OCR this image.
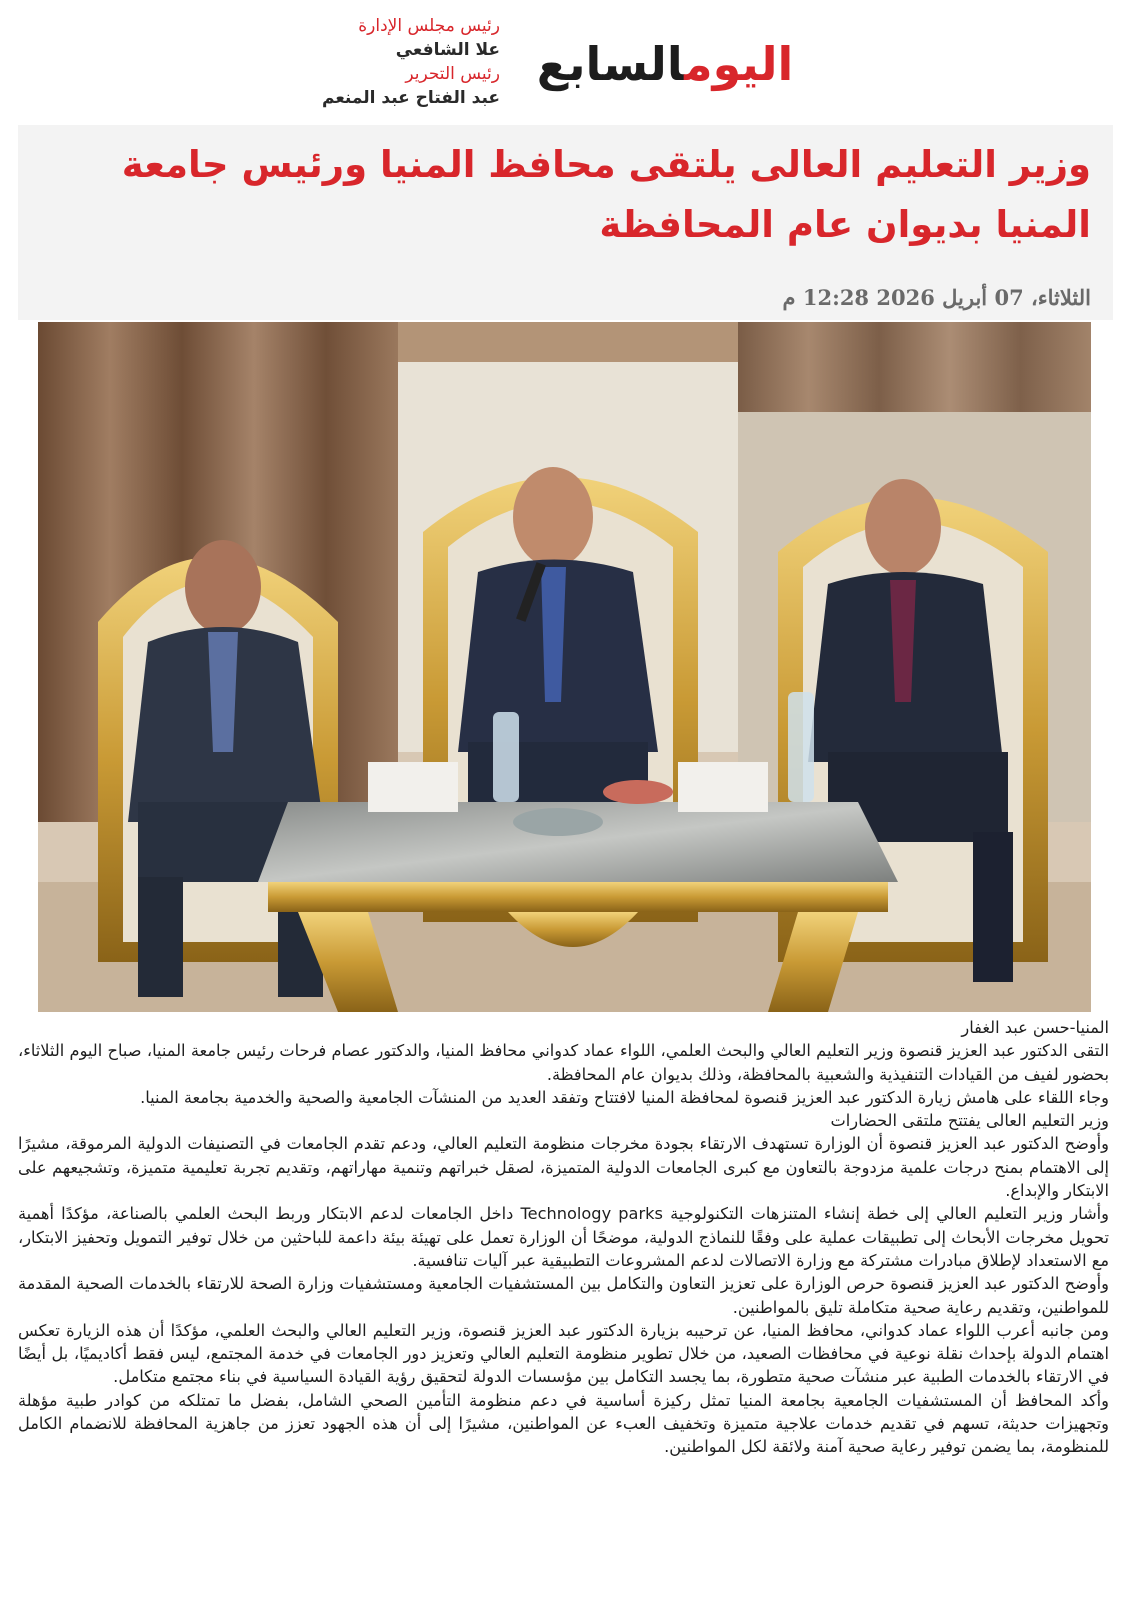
اليومالسابع
رئيس مجلس الإدارة
علا الشافعي
رئيس التحرير
عبد الفتاح عبد المنعم
وزير التعليم العالى يلتقى محافظ المنيا ورئيس جامعة المنيا بديوان عام المحافظة
الثلاثاء، 07 أبريل 2026 12:28 م

المنيا-حسن عبد الغفار

التقى الدكتور عبد العزيز قنصوة وزير التعليم العالي والبحث العلمي، اللواء عماد كدواني محافظ المنيا، والدكتور عصام فرحات رئيس جامعة المنيا، صباح اليوم الثلاثاء، بحضور لفيف من القيادات التنفيذية والشعبية بالمحافظة، وذلك بديوان عام المحافظة.

وجاء اللقاء على هامش زيارة الدكتور عبد العزيز قنصوة لمحافظة المنيا لافتتاح وتفقد العديد من المنشآت الجامعية والصحية والخدمية بجامعة المنيا.

وزير التعليم العالى يفتتح ملتقى الحضارات

وأوضح الدكتور عبد العزيز قنصوة أن الوزارة تستهدف الارتقاء بجودة مخرجات منظومة التعليم العالي، ودعم تقدم الجامعات في التصنيفات الدولية المرموقة، مشيرًا إلى الاهتمام بمنح درجات علمية مزدوجة بالتعاون مع كبرى الجامعات الدولية المتميزة، لصقل خبراتهم وتنمية مهاراتهم، وتقديم تجربة تعليمية متميزة، وتشجيعهم على الابتكار والإبداع.

وأشار وزير التعليم العالي إلى خطة إنشاء المتنزهات التكنولوجية Technology parks داخل الجامعات لدعم الابتكار وربط البحث العلمي بالصناعة، مؤكدًا أهمية تحويل مخرجات الأبحاث إلى تطبيقات عملية على وفقًا للنماذج الدولية، موضحًا أن الوزارة تعمل على تهيئة بيئة داعمة للباحثين من خلال توفير التمويل وتحفيز الابتكار، مع الاستعداد لإطلاق مبادرات مشتركة مع وزارة الاتصالات لدعم المشروعات التطبيقية عبر آليات تنافسية.

وأوضح الدكتور عبد العزيز قنصوة حرص الوزارة على تعزيز التعاون والتكامل بين المستشفيات الجامعية ومستشفيات وزارة الصحة للارتقاء بالخدمات الصحية المقدمة للمواطنين، وتقديم رعاية صحية متكاملة تليق بالمواطنين.

ومن جانبه أعرب اللواء عماد كدواني، محافظ المنيا، عن ترحيبه بزيارة الدكتور عبد العزيز قنصوة، وزير التعليم العالي والبحث العلمي، مؤكدًا أن هذه الزيارة تعكس اهتمام الدولة بإحداث نقلة نوعية في محافظات الصعيد، من خلال تطوير منظومة التعليم العالي وتعزيز دور الجامعات في خدمة المجتمع، ليس فقط أكاديميًا، بل أيضًا في الارتقاء بالخدمات الطبية عبر منشآت صحية متطورة، بما يجسد التكامل بين مؤسسات الدولة لتحقيق رؤية القيادة السياسية في بناء مجتمع متكامل.

وأكد المحافظ أن المستشفيات الجامعية بجامعة المنيا تمثل ركيزة أساسية في دعم منظومة التأمين الصحي الشامل، بفضل ما تمتلكه من كوادر طبية مؤهلة وتجهيزات حديثة، تسهم في تقديم خدمات علاجية متميزة وتخفيف العبء عن المواطنين، مشيرًا إلى أن هذه الجهود تعزز من جاهزية المحافظة للانضمام الكامل للمنظومة، بما يضمن توفير رعاية صحية آمنة ولائقة لكل المواطنين.
